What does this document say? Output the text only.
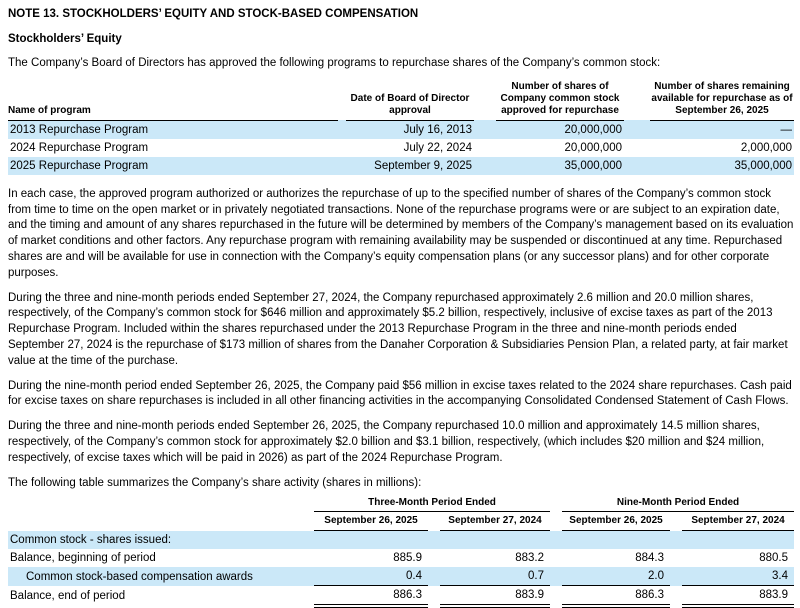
NOTE 13. STOCKHOLDERS’ EQUITY AND STOCK-BASED COMPENSATION
Stockholders’ Equity

The Company’s Board of Directors has approved the following programs to repurchase shares of the Company’s common stock:

Name of program		Date of Board of Director approval		Number of shares of Company common stock approved for repurchase		Number of shares remaining available for repurchase as of September 26, 2025
2013 Repurchase Program		July 16, 2013		20,000,000		—
2024 Repurchase Program		July 22, 2024		20,000,000		2,000,000
2025 Repurchase Program		September 9, 2025		35,000,000		35,000,000

In each case, the approved program authorized or authorizes the repurchase of up to the specified number of shares of the Company’s common stock from time to time on the open market or in privately negotiated transactions. None of the repurchase programs were or are subject to an expiration date, and the timing and amount of any shares repurchased in the future will be determined by members of the Company’s management based on its evaluation of market conditions and other factors. Any repurchase program with remaining availability may be suspended or discontinued at any time. Repurchased shares are and will be available for use in connection with the Company’s equity compensation plans (or any successor plans) and for other corporate purposes.

During the three and nine-month periods ended September 27, 2024, the Company repurchased approximately 2.6 million and 20.0 million shares, respectively, of the Company’s common stock for $646 million and approximately $5.2 billion, respectively, inclusive of excise taxes as part of the 2013 Repurchase Program. Included within the shares repurchased under the 2013 Repurchase Program in the three and nine-month periods ended September 27, 2024 is the repurchase of $173 million of shares from the Danaher Corporation & Subsidiaries Pension Plan, a related party, at fair market value at the time of the purchase.

During the nine-month period ended September 26, 2025, the Company paid $56 million in excise taxes related to the 2024 share repurchases. Cash paid for excise taxes on share repurchases is included in all other financing activities in the accompanying Consolidated Condensed Statement of Cash Flows.

During the three and nine-month periods ended September 26, 2025, the Company repurchased 10.0 million and approximately 14.5 million shares, respectively, of the Company’s common stock for approximately $2.0 billion and $3.1 billion, respectively, (which includes $20 million and $24 million, respectively, of excise taxes which will be paid in 2026) as part of the 2024 Repurchase Program.

The following table summarizes the Company’s share activity (shares in millions):

		Three-Month Period Ended				Nine-Month Period Ended		
		September 26, 2025		September 27, 2024		September 26, 2025		September 27, 2024
Common stock - shares issued:								
Balance, beginning of period		885.9		883.2		884.3		880.5
Common stock-based compensation awards		0.4		0.7		2.0		3.4
Balance, end of period		886.3		883.9		886.3		883.9
